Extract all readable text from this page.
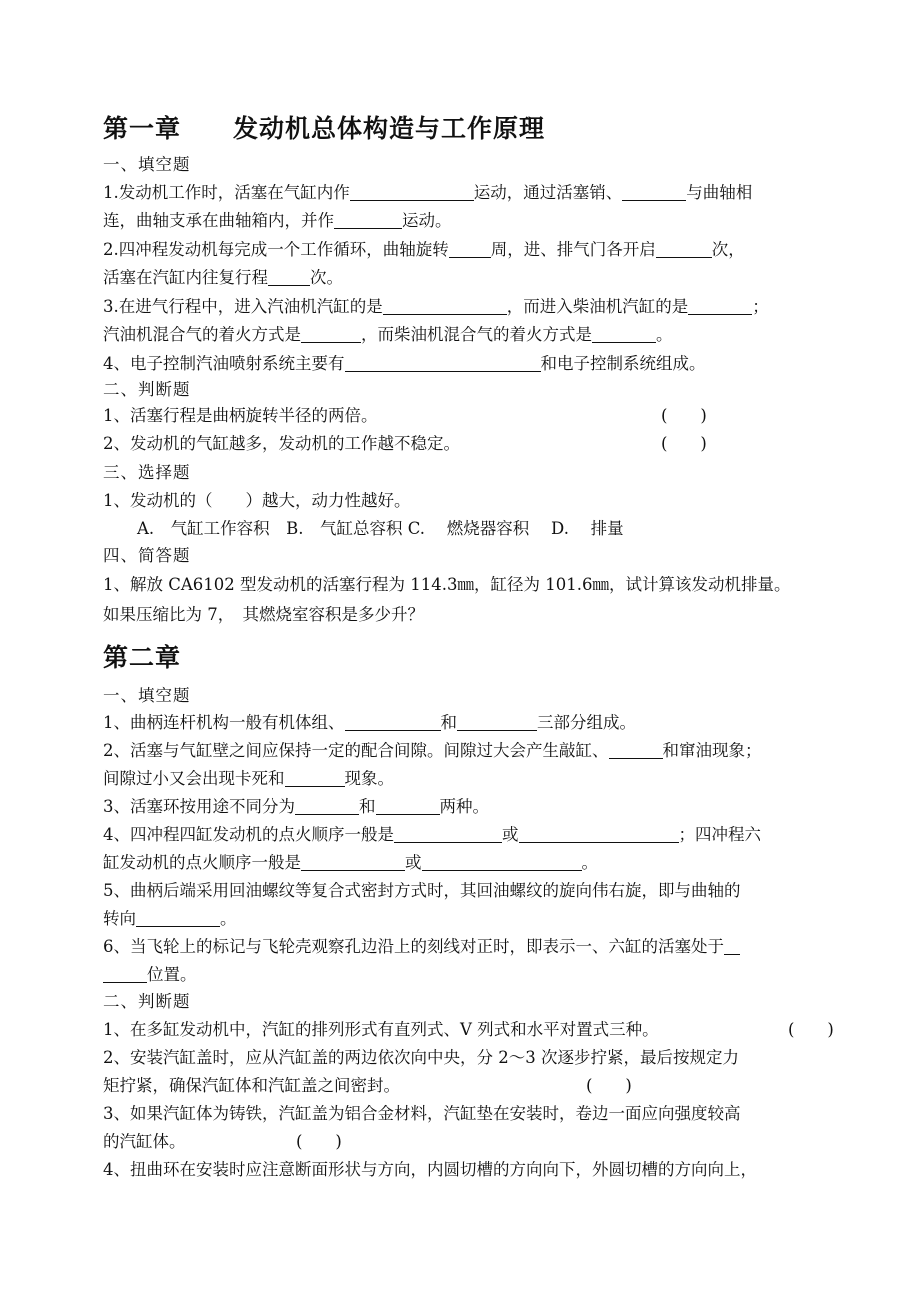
第一章　　发动机总体构造与工作原理
一、填空题
1.发动机工作时，活塞在气缸内作	运动，通过活塞销、	与曲轴相
连，曲轴支承在曲轴箱内，并作	运动。
2.四冲程发动机每完成一个工作循环，曲轴旋转	周，进、排气门各开启	次，
活塞在汽缸内往复行程	次。
3.在进气行程中，进入汽油机汽缸的是	，而进入柴油机汽缸的是	；
汽油机混合气的着火方式是	，而柴油机混合气的着火方式是	。
4、电子控制汽油喷射系统主要有	和电子控制系统组成。
二、判断题
1、活塞行程是曲柄旋转半径的两倍。	(　　)
2、发动机的气缸越多，发动机的工作越不稳定。	(　　)
三、选择题
1、发动机的（　　）越大，动力性越好。
A.　气缸工作容积　B.　气缸总容积 C.　 燃烧器容积　 D.　 排量
四、简答题
1、解放 CA6102 型发动机的活塞行程为 114.3㎜，缸径为 101.6㎜，试计算该发动机排量。
如果压缩比为 7，　其燃烧室容积是多少升？
第二章
一、填空题
1、曲柄连杆机构一般有机体组、	和	三部分组成。
2、活塞与气缸壁之间应保持一定的配合间隙。间隙过大会产生敲缸、	和窜油现象；
间隙过小又会出现卡死和	现象。
3、活塞环按用途不同分为	和	两种。
4、四冲程四缸发动机的点火顺序一般是	或	；四冲程六
缸发动机的点火顺序一般是	或	。
5、曲柄后端采用回油螺纹等复合式密封方式时，其回油螺纹的旋向伟右旋，即与曲轴的
转向	。
6、当飞轮上的标记与飞轮壳观察孔边沿上的刻线对正时，即表示一、六缸的活塞处于
位置。
二、判断题
1、在多缸发动机中，汽缸的排列形式有直列式、V 列式和水平对置式三种。	(　　)
2、安装汽缸盖时，应从汽缸盖的两边依次向中央，分 2～3 次逐步拧紧，最后按规定力
矩拧紧，确保汽缸体和汽缸盖之间密封。	(　　)
3、如果汽缸体为铸铁，汽缸盖为铝合金材料，汽缸垫在安装时，卷边一面应向强度较高
的汽缸体。	(　　)
4、扭曲环在安装时应注意断面形状与方向，内圆切槽的方向向下，外圆切槽的方向向上，
